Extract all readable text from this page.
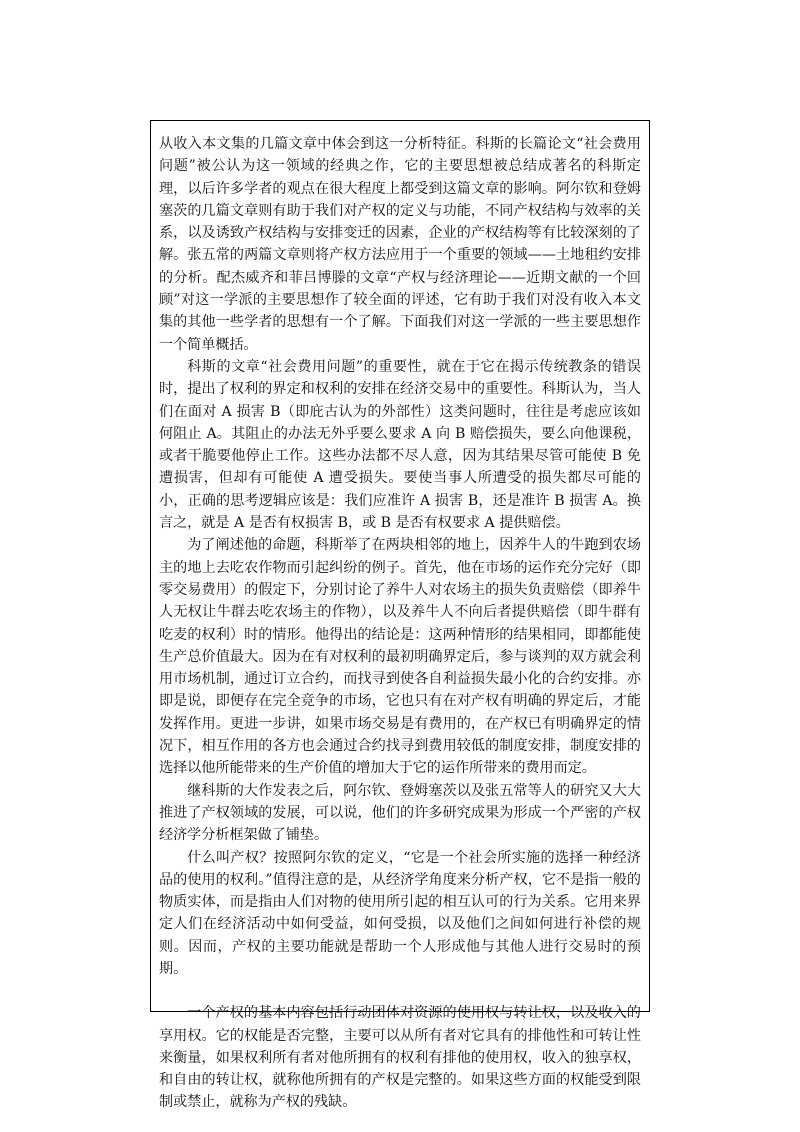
从收入本文集的几篇文章中体会到这一分析特征。科斯的长篇论文“社会费用问题”被公认为这一领域的经典之作，它的主要思想被总结成著名的科斯定理，以后许多学者的观点在很大程度上都受到这篇文章的影响。阿尔钦和登姆塞茨的几篇文章则有助于我们对产权的定义与功能，不同产权结构与效率的关系，以及诱致产权结构与安排变迁的因素，企业的产权结构等有比较深刻的了解。张五常的两篇文章则将产权方法应用于一个重要的领域——土地租约安排的分析。配杰威齐和菲吕博滕的文章“产权与经济理论——近期文献的一个回顾”对这一学派的主要思想作了较全面的评述，它有助于我们对没有收入本文集的其他一些学者的思想有一个了解。下面我们对这一学派的一些主要思想作一个简单概括。

科斯的文章“社会费用问题”的重要性，就在于它在揭示传统教条的错误时，提出了权利的界定和权利的安排在经济交易中的重要性。科斯认为，当人们在面对 A 损害 B（即庇古认为的外部性）这类问题时，往往是考虑应该如何阻止 A。其阻止的办法无外乎要么要求 A 向 B 赔偿损失，要么向他课税，或者干脆要他停止工作。这些办法都不尽人意，因为其结果尽管可能使 B 免遭损害，但却有可能使 A 遭受损失。要使当事人所遭受的损失都尽可能的小，正确的思考逻辑应该是：我们应准许 A 损害 B，还是准许 B 损害 A。换言之，就是 A 是否有权损害 B，或 B 是否有权要求 A 提供赔偿。

为了阐述他的命题，科斯举了在两块相邻的地上，因养牛人的牛跑到农场主的地上去吃农作物而引起纠纷的例子。首先，他在市场的运作充分完好（即零交易费用）的假定下，分别讨论了养牛人对农场主的损失负责赔偿（即养牛人无权让牛群去吃农场主的作物），以及养牛人不向后者提供赔偿（即牛群有吃麦的权利）时的情形。他得出的结论是：这两种情形的结果相同，即都能使生产总价值最大。因为在有对权利的最初明确界定后，参与谈判的双方就会利用市场机制，通过订立合约，而找寻到使各自利益损失最小化的合约安排。亦即是说，即便存在完全竞争的市场，它也只有在对产权有明确的界定后，才能发挥作用。更进一步讲，如果市场交易是有费用的，在产权已有明确界定的情况下，相互作用的各方也会通过合约找寻到费用较低的制度安排，制度安排的选择以他所能带来的生产价值的增加大于它的运作所带来的费用而定。

继科斯的大作发表之后，阿尔钦、登姆塞茨以及张五常等人的研究又大大推进了产权领域的发展，可以说，他们的许多研究成果为形成一个严密的产权经济学分析框架做了铺垫。

什么叫产权？按照阿尔钦的定义，“它是一个社会所实施的选择一种经济品的使用的权利。”值得注意的是，从经济学角度来分析产权，它不是指一般的物质实体，而是指由人们对物的使用所引起的相互认可的行为关系。它用来界定人们在经济活动中如何受益，如何受损，以及他们之间如何进行补偿的规则。因而，产权的主要功能就是帮助一个人形成他与其他人进行交易时的预期。

一个产权的基本内容包括行动团体对资源的使用权与转让权，以及收入的享用权。它的权能是否完整，主要可以从所有者对它具有的排他性和可转让性来衡量，如果权利所有者对他所拥有的权利有排他的使用权，收入的独享权，和自由的转让权，就称他所拥有的产权是完整的。如果这些方面的权能受到限制或禁止，就称为产权的残缺。
